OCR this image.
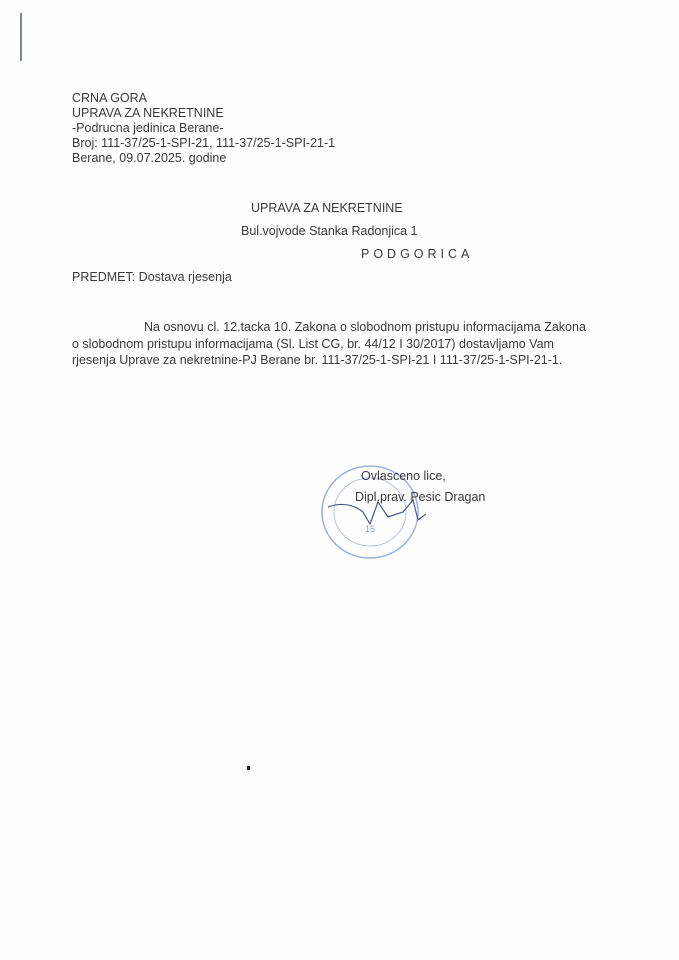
CRNA GORA
UPRAVA ZA NEKRETNINE
-Podrucna jedinica Berane-
Broj: 111-37/25-1-SPI-21, 111-37/25-1-SPI-21-1
Berane, 09.07.2025. godine
UPRAVA ZA NEKRETNINE
Bul.vojvode Stanka Radonjica 1
PODGORICA
PREDMET: Dostava rjesenja
Na osnovu cl. 12.tacka 10. Zakona o slobodnom pristupu informacijama Zakona
o slobodnom pristupu informacijama (Sl. List CG, br. 44/12 I 30/2017) dostavljamo Vam
rjesenja Uprave za nekretnine-PJ Berane br. 111-37/25-1-SPI-21 I 111-37/25-1-SPI-21-1.
15
Ovlasceno lice,
Dipl.prav. Pesic Dragan
